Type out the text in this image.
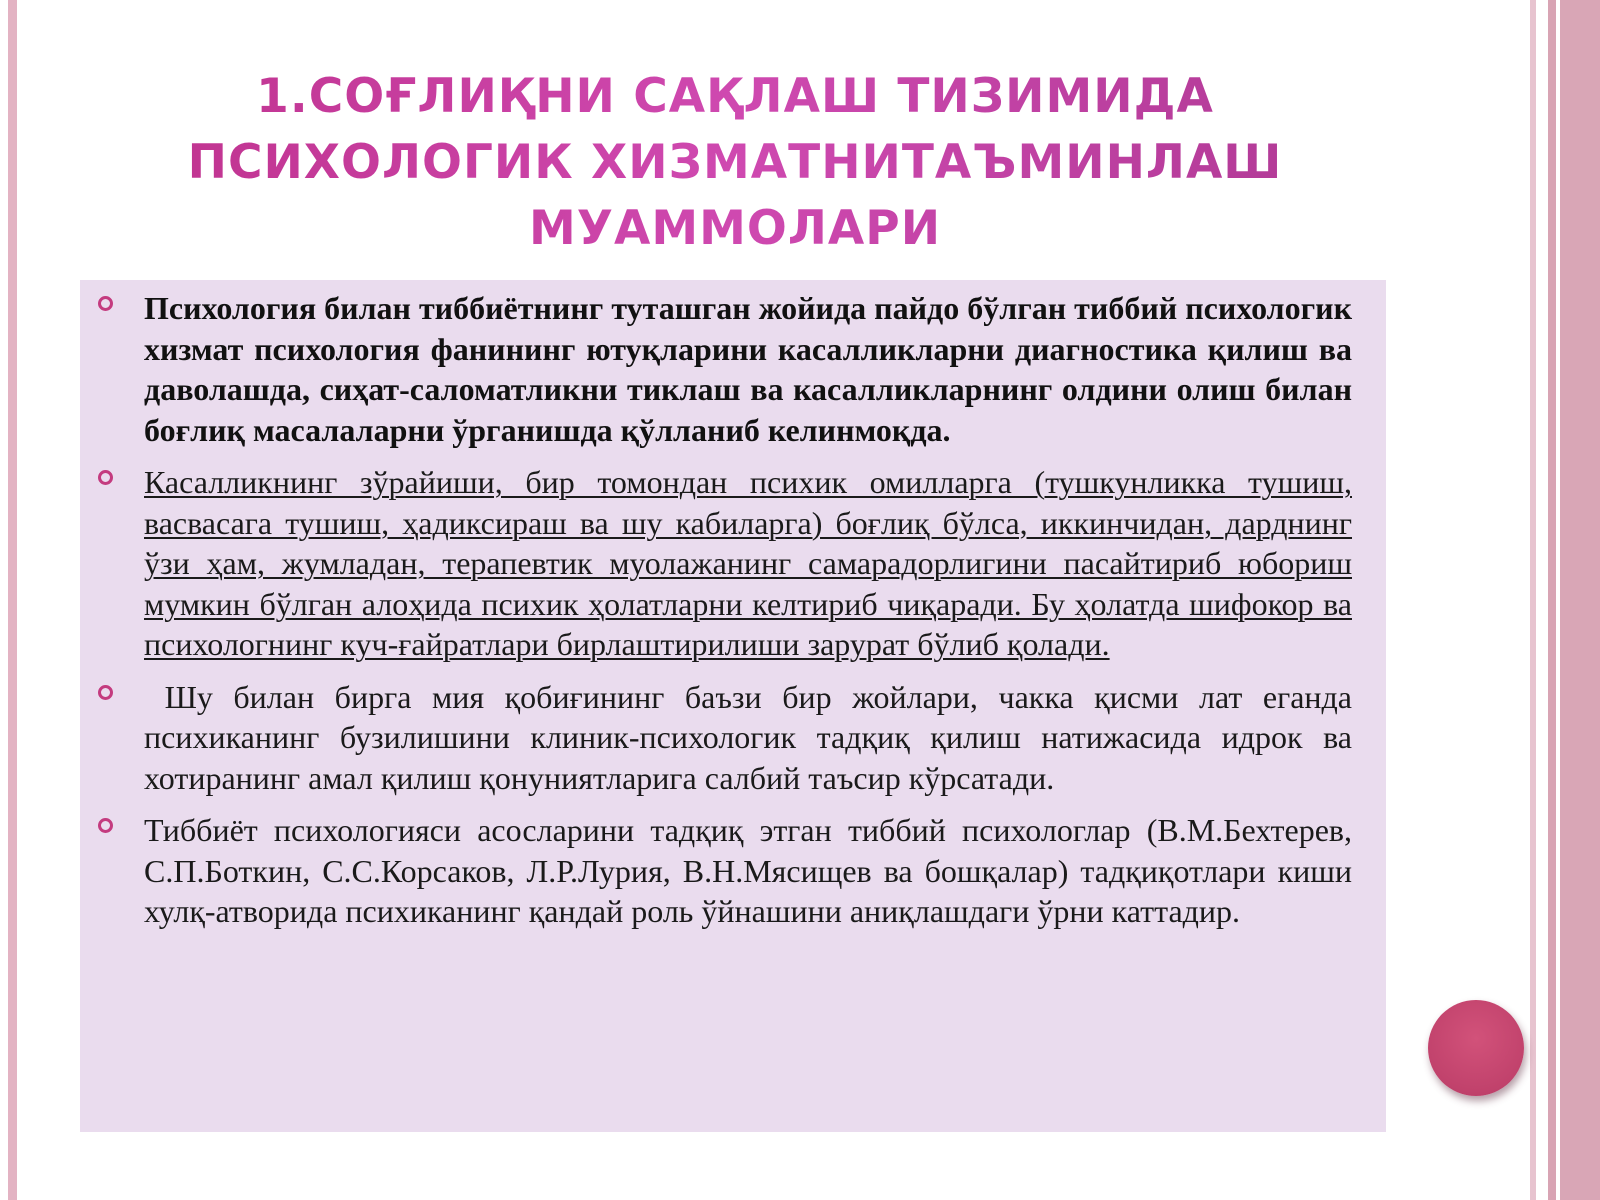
1.СОҒЛИҚНИ САҚЛАШ ТИЗИМИДА ПСИХОЛОГИК ХИЗМАТНИТАЪМИНЛАШ МУАММОЛАРИ
Психология билан тиббиётнинг туташган жойида пайдо бўлган тиббий психологик хизмат психология фанининг ютуқларини касалликларни диагностика қилиш ва даволашда, сиҳат-саломатликни тиклаш ва касалликларнинг олдини олиш билан боғлиқ масалаларни ўрганишда қўлланиб келинмоқда.
Касалликнинг зўрайиши, бир томондан психик омилларга (тушкунликка тушиш, васвасага тушиш, ҳадиксираш ва шу кабиларга) боғлиқ бўлса, иккинчидан, дарднинг ўзи ҳам, жумладан, терапевтик муолажанинг самарадорлигини пасайтириб юбориш мумкин бўлган алоҳида психик ҳолатларни келтириб чиқаради. Бу ҳолатда шифокор ва психологнинг куч-ғайратлари бирлаштирилиши зарурат бўлиб қолади.
Шу билан бирга мия қобиғининг баъзи бир жойлари, чакка қисми лат еганда психиканинг бузилишини клиник-психологик тадқиқ қилиш натижасида идрок ва хотиранинг амал қилиш қонуниятларига салбий таъсир кўрсатади.
Тиббиёт психологияси асосларини тадқиқ этган тиббий психологлар (В.М.Бехтерев, С.П.Боткин, С.С.Корсаков, Л.Р.Лурия, В.Н.Мясищев ва бошқалар) тадқиқотлари киши хулқ-атворида психиканинг қандай роль ўйнашини аниқлашдаги ўрни каттадир.
